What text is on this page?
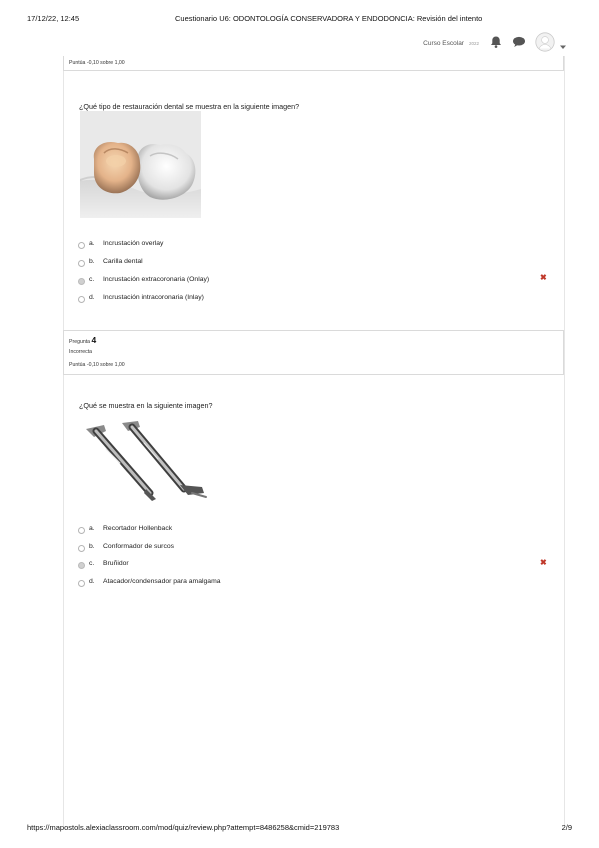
17/12/22, 12:45	Cuestionario U6: ODONTOLOGÍA CONSERVADORA Y ENDODONCIA: Revisión del intento
Curso Escolar 2022
Puntúa -0,10 sobre 1,00
¿Qué tipo de restauración dental se muestra en la siguiente imagen?
a. Incrustación overlay
b. Carilla dental
c. Incrustación extracoronaria (Onlay)	✖
d. Incrustación intracoronaria (Inlay)
Pregunta 4
Incorrecta
Puntúa -0,10 sobre 1,00
¿Qué se muestra en la siguiente imagen?
a. Recortador Hollenback
b. Conformador de surcos
c. Bruñidor	✖
d. Atacador/condensador para amalgama
https://mapostols.alexiaclassroom.com/mod/quiz/review.php?attempt=8486258&cmid=219783	2/9
